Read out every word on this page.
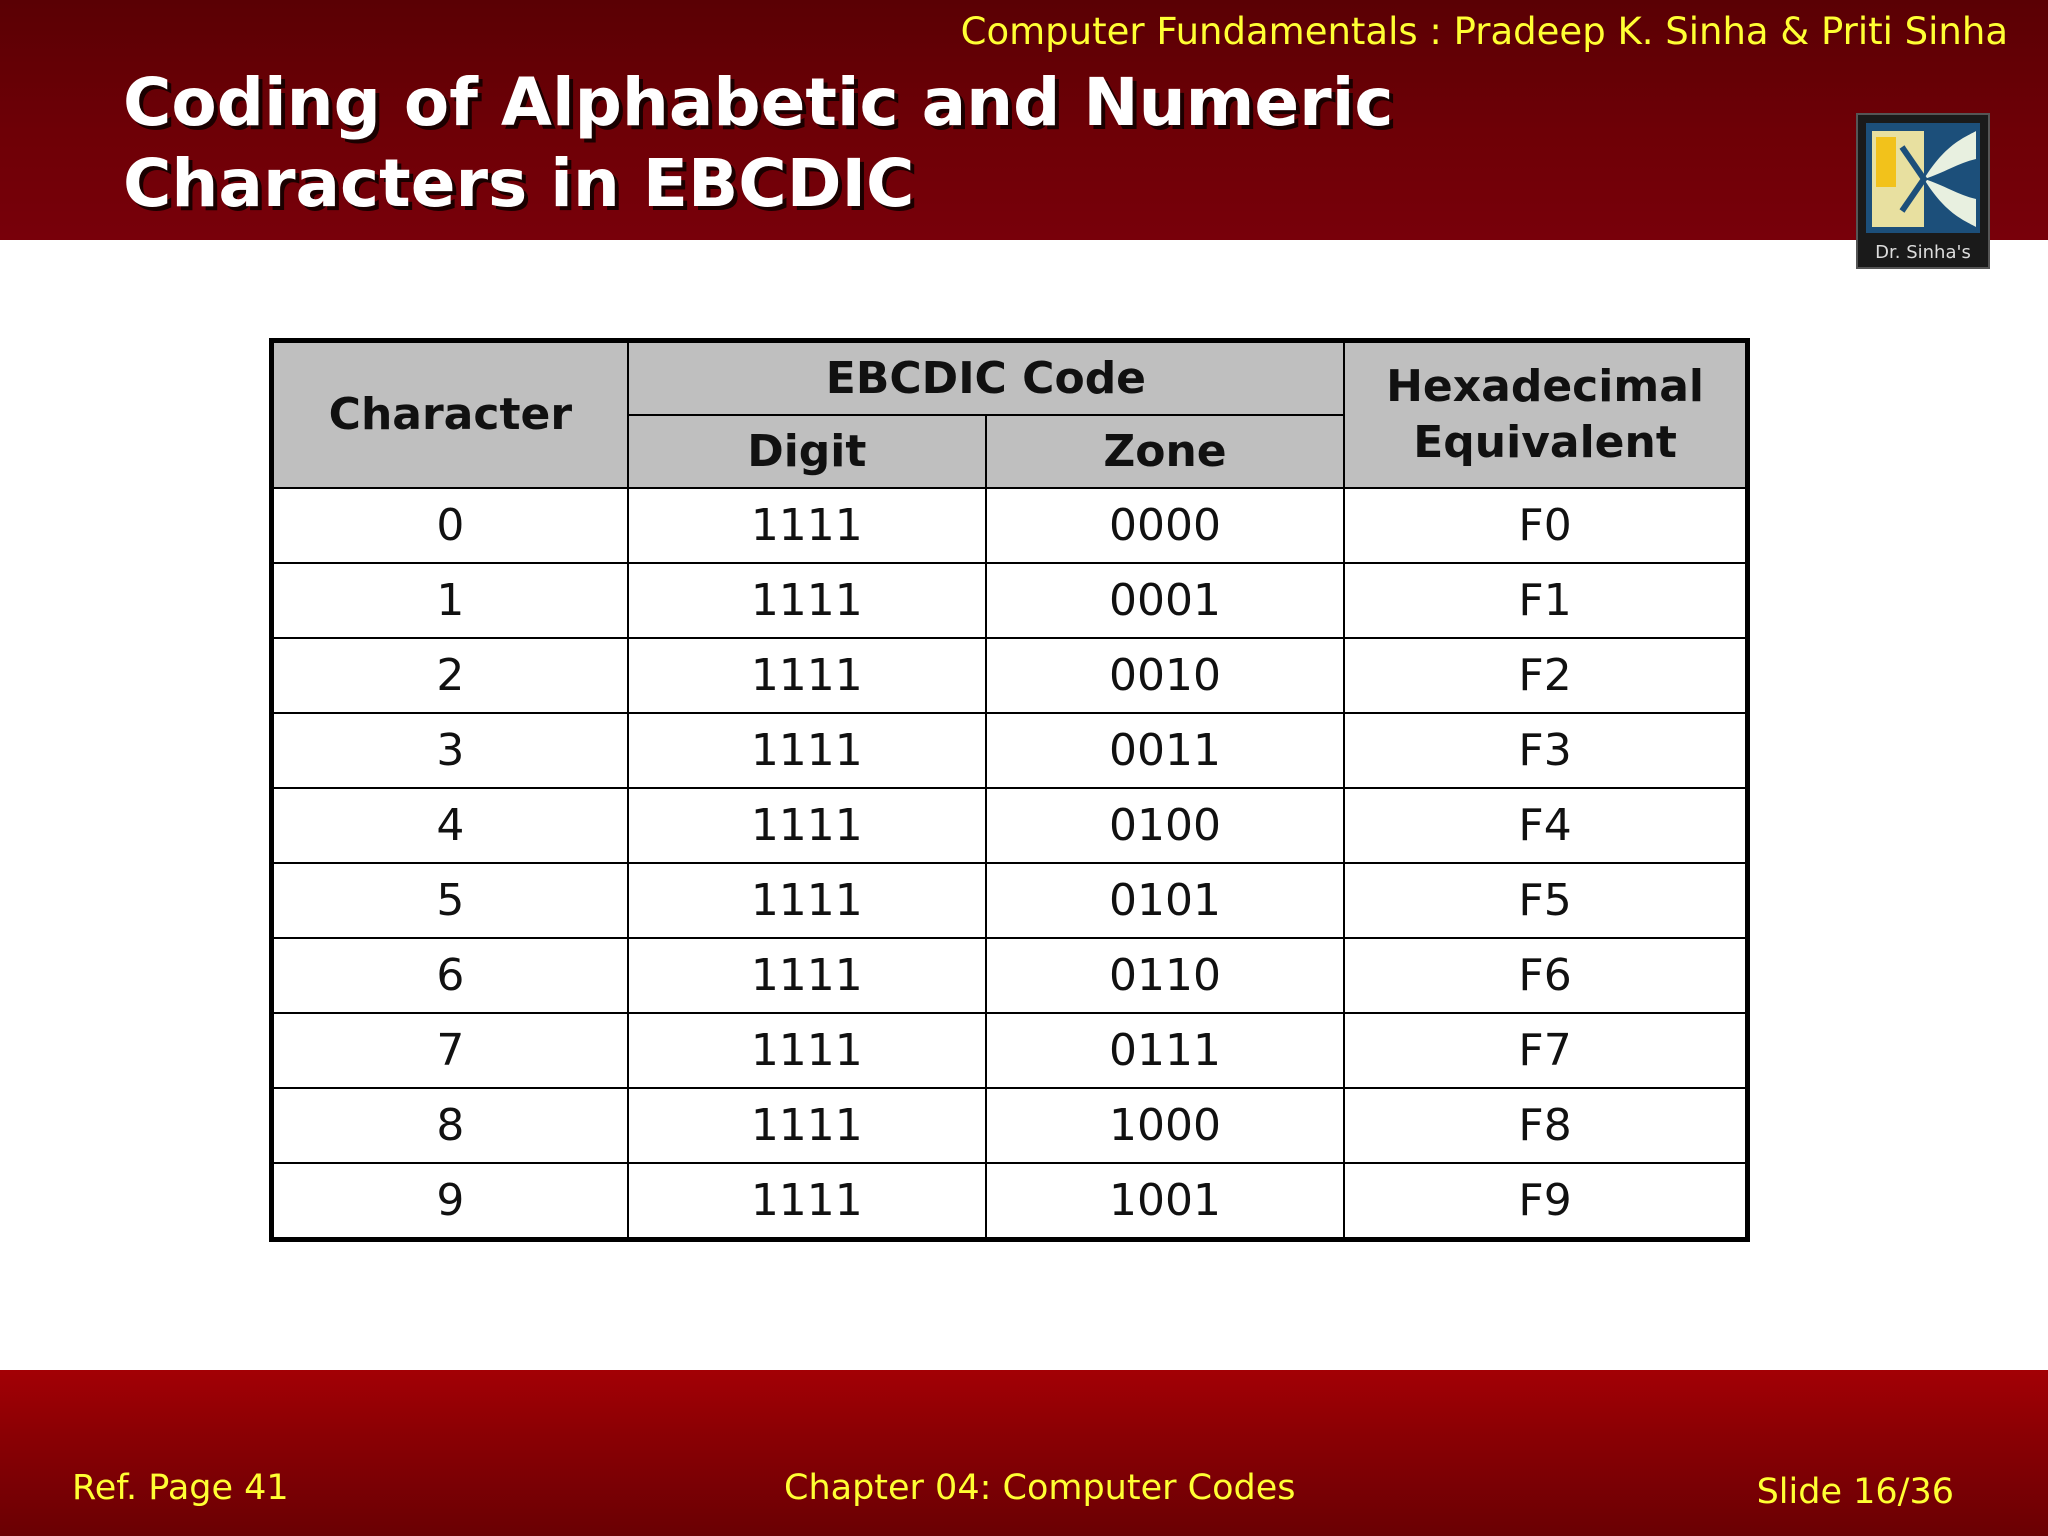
Computer Fundamentals : Pradeep K. Sinha & Priti Sinha
Coding of Alphabetic and Numeric
Characters in EBCDIC
Dr. Sinha's
Character	EBCDIC Code		Hexadecimal
Equivalent

	Digit	Zone	
0	1111	0000	F0
1	1111	0001	F1
2	1111	0010	F2
3	1111	0011	F3
4	1111	0100	F4
5	1111	0101	F5
6	1111	0110	F6
7	1111	0111	F7
8	1111	1000	F8
9	1111	1001	F9
Ref. Page 41	Chapter 04: Computer Codes	Slide 16/36
